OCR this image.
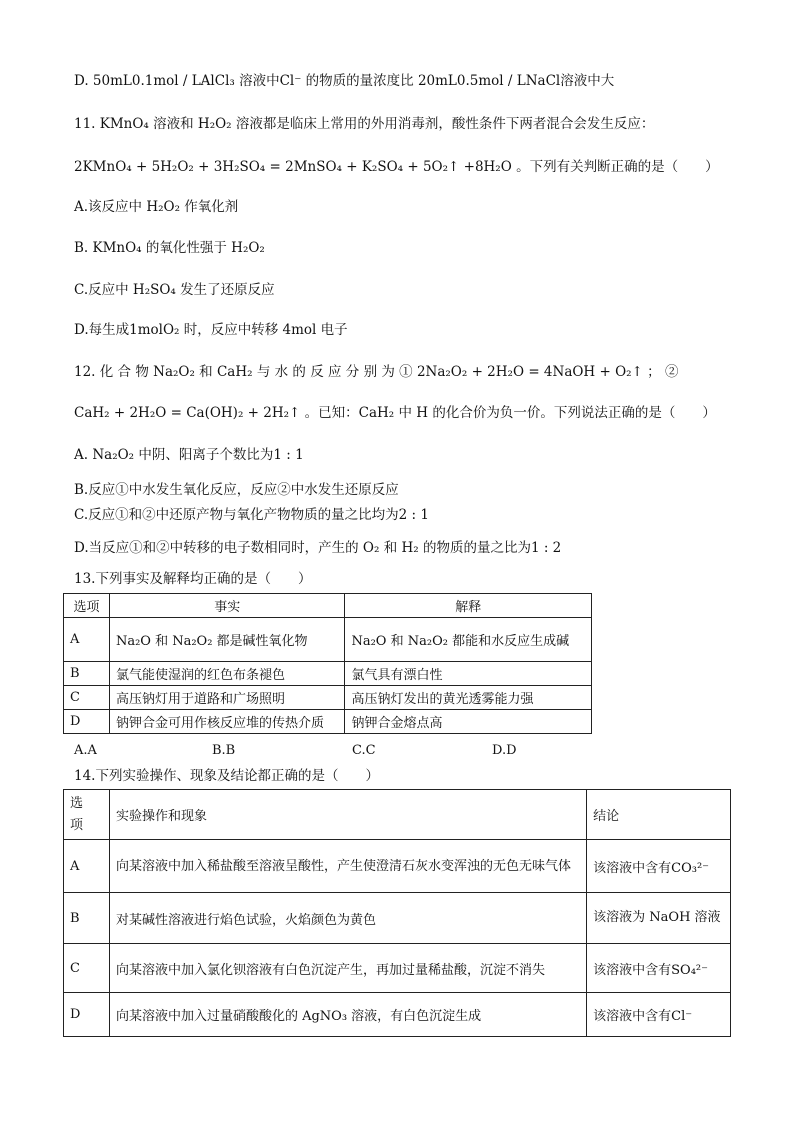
D. 50mL0.1mol / LAlCl₃ 溶液中Cl⁻ 的物质的量浓度比 20mL0.5mol / LNaCl溶液中大
11. KMnO₄ 溶液和 H₂O₂ 溶液都是临床上常用的外用消毒剂，酸性条件下两者混合会发生反应：
2KMnO₄ + 5H₂O₂ + 3H₂SO₄ = 2MnSO₄ + K₂SO₄ + 5O₂↑ +8H₂O 。下列有关判断正确的是（　　）
A.该反应中 H₂O₂ 作氧化剂
B. KMnO₄ 的氧化性强于 H₂O₂
C.反应中 H₂SO₄ 发生了还原反应
D.每生成1molO₂ 时，反应中转移 4mol 电子
12. 化 合 物 Na₂O₂ 和 CaH₂ 与 水 的 反 应 分 别 为 ① 2Na₂O₂ + 2H₂O = 4NaOH + O₂↑ ； ②
CaH₂ + 2H₂O = Ca(OH)₂ + 2H₂↑ 。已知：CaH₂ 中 H 的化合价为负一价。下列说法正确的是（　　）
A. Na₂O₂ 中阴、阳离子个数比为1 : 1
B.反应①中水发生氧化反应，反应②中水发生还原反应
C.反应①和②中还原产物与氧化产物物质的量之比均为2 : 1
D.当反应①和②中转移的电子数相同时，产生的 O₂ 和 H₂ 的物质的量之比为1 : 2
13.下列事实及解释均正确的是（　　）
选项	事实	解释
A	Na₂O 和 Na₂O₂ 都是碱性氧化物	Na₂O 和 Na₂O₂ 都能和水反应生成碱
B	氯气能使湿润的红色布条褪色	氯气具有漂白性
C	高压钠灯用于道路和广场照明	高压钠灯发出的黄光透雾能力强
D	钠钾合金可用作核反应堆的传热介质	钠钾合金熔点高
A.A	B.B	C.C	D.D
14.下列实验操作、现象及结论都正确的是（　　）
选
项	实验操作和现象	结论
A	向某溶液中加入稀盐酸至溶液呈酸性，产生使澄清石灰水变浑浊的无色无味气体	该溶液中含有CO₃²⁻
B	对某碱性溶液进行焰色试验，火焰颜色为黄色	该溶液为 NaOH 溶液
C	向某溶液中加入氯化钡溶液有白色沉淀产生，再加过量稀盐酸，沉淀不消失	该溶液中含有SO₄²⁻
D	向某溶液中加入过量硝酸酸化的 AgNO₃ 溶液，有白色沉淀生成	该溶液中含有Cl⁻
